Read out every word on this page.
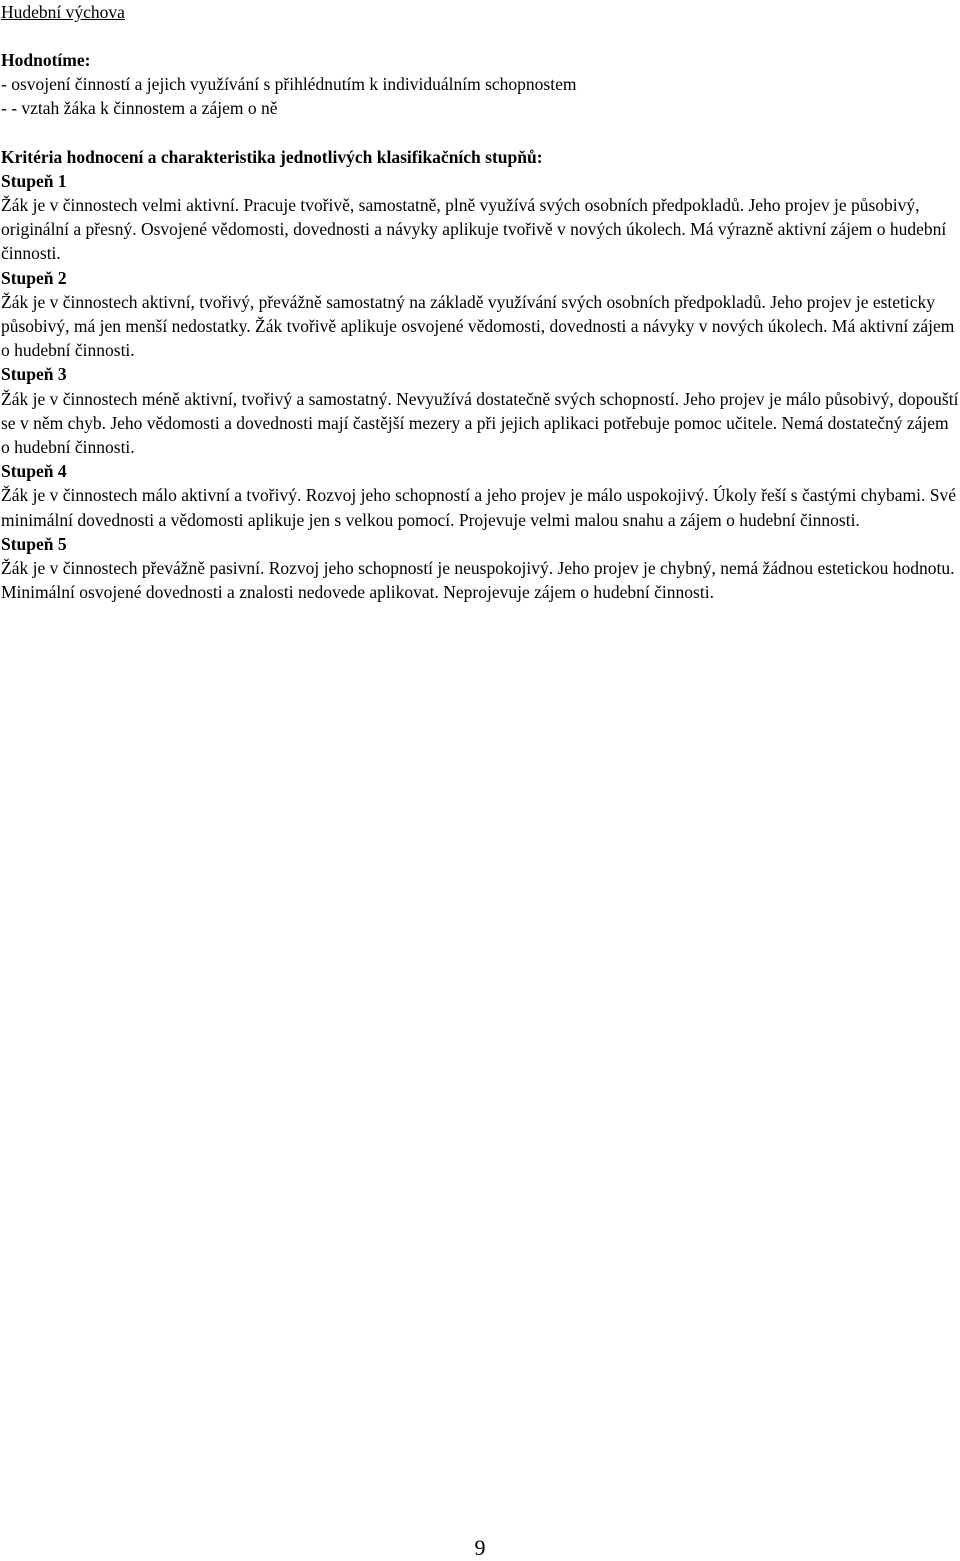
Hudební výchova

Hodnotíme:

- osvojení činností a jejich využívání s přihlédnutím k individuálním schopnostem

- - vztah žáka k činnostem a zájem o ně

Kritéria hodnocení a charakteristika jednotlivých klasifikačních stupňů:

Stupeň 1

Žák je v činnostech velmi aktivní. Pracuje tvořivě, samostatně, plně využívá svých osobních předpokladů. Jeho projev je působivý, originální a přesný. Osvojené vědomosti, dovednosti a návyky aplikuje tvořivě v nových úkolech. Má výrazně aktivní zájem o hudební činnosti.

Stupeň 2

Žák je v činnostech aktivní, tvořivý, převážně samostatný na základě využívání svých osobních předpokladů. Jeho projev je esteticky působivý, má jen menší nedostatky. Žák tvořivě aplikuje osvojené vědomosti, dovednosti a návyky v nových úkolech. Má aktivní zájem o hudební činnosti.

Stupeň 3

Žák je v činnostech méně aktivní, tvořivý a samostatný. Nevyužívá dostatečně svých schopností. Jeho projev je málo působivý, dopouští se v něm chyb. Jeho vědomosti a dovednosti mají častější mezery a při jejich aplikaci potřebuje pomoc učitele. Nemá dostatečný zájem o hudební činnosti.

Stupeň 4

Žák je v činnostech málo aktivní a tvořivý. Rozvoj jeho schopností a jeho projev je málo uspokojivý. Úkoly řeší s častými chybami. Své minimální dovednosti a vědomosti aplikuje jen s velkou pomocí. Projevuje velmi malou snahu a zájem o hudební činnosti.

Stupeň 5

Žák je v činnostech převážně pasivní. Rozvoj jeho schopností je neuspokojivý. Jeho projev je chybný, nemá žádnou estetickou hodnotu. Minimální osvojené dovednosti a znalosti nedovede aplikovat. Neprojevuje zájem o hudební činnosti.

9
